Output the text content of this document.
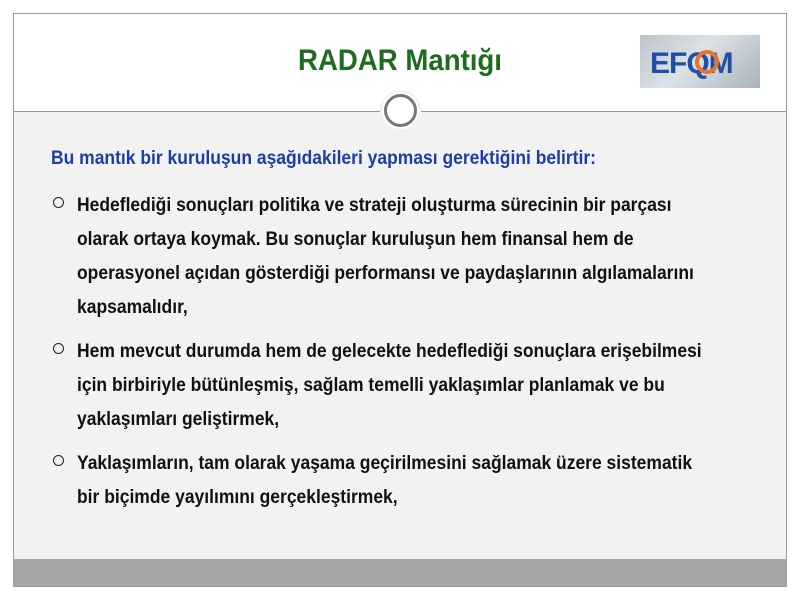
RADAR Mantığı	EFQM
Bu mantık bir kuruluşun aşağıdakileri yapması gerektiğini belirtir:
Hedeflediği sonuçları politika ve strateji oluşturma sürecinin bir parçası
olarak ortaya koymak. Bu sonuçlar kuruluşun hem finansal hem de
operasyonel açıdan gösterdiği performansı ve paydaşlarının algılamalarını
kapsamalıdır,
Hem mevcut durumda hem de gelecekte hedeflediği sonuçlara erişebilmesi
için birbiriyle bütünleşmiş, sağlam temelli yaklaşımlar planlamak ve bu
yaklaşımları geliştirmek,
Yaklaşımların, tam olarak yaşama geçirilmesini sağlamak üzere sistematik
bir biçimde yayılımını gerçekleştirmek,
